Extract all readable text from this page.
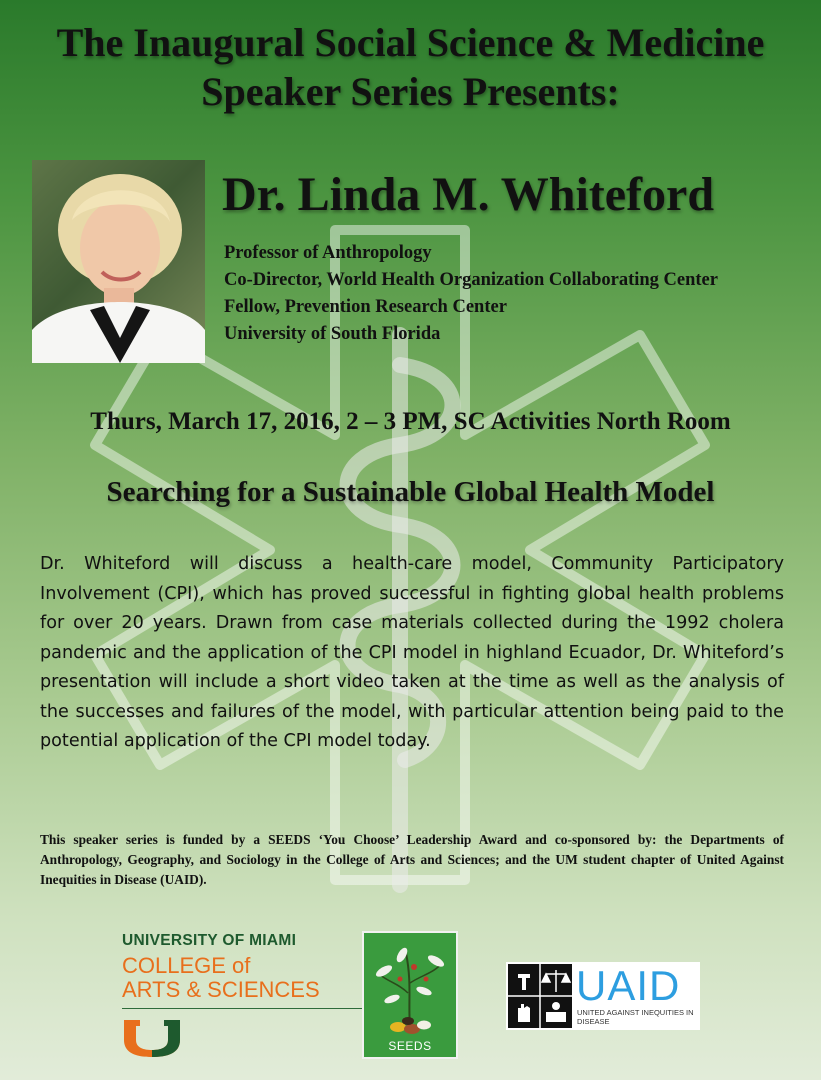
The Inaugural Social Science & Medicine
Speaker Series Presents:
Dr. Linda M. Whiteford
Professor of Anthropology
Co-Director, World Health Organization Collaborating Center
Fellow, Prevention Research Center
University of South Florida
Thurs, March 17, 2016, 2 – 3 PM, SC Activities North Room
Searching for a Sustainable Global Health Model

Dr. Whiteford will discuss a health-care model, Community Participatory Involvement (CPI), which has proved successful in fighting global health problems for over 20 years. Drawn from case materials collected during the 1992 cholera pandemic and the application of the CPI model in highland Ecuador, Dr. Whiteford’s presentation will include a short video taken at the time as well as the analysis of the successes and failures of the model, with particular attention being paid to the potential application of the CPI model today.

This speaker series is funded by a SEEDS ‘You Choose’ Leadership Award and co-sponsored by: the Departments of Anthropology, Geography, and Sociology in the College of Arts and Sciences; and the UM student chapter of United Against Inequities in Disease (UAID).

UNIVERSITY OF MIAMI
COLLEGE of
ARTS & SCIENCES
SEEDS
UAID
UNITED AGAINST INEQUITIES IN DISEASE
